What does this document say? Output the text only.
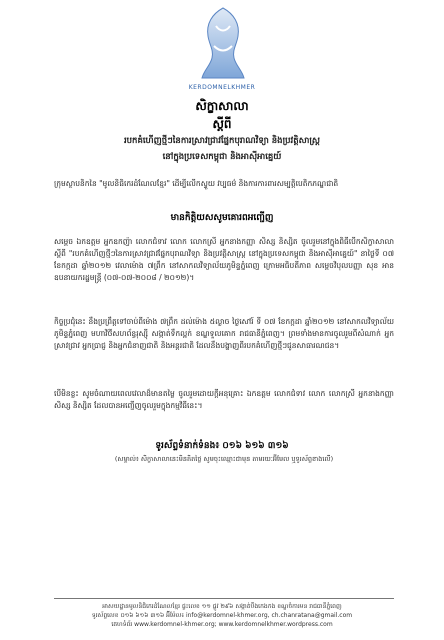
KERDOMNELKHMER
សិក្ខាសាលា
ស្ដីពី
របកគំហើញថ្មីៗនៃការស្រាវជ្រាវផ្នែកបុរាណវិទ្យា និងប្រវត្តិសាស្ត្រ
នៅក្នុងប្រទេសកម្ពុជា និងអាស៊ីអាគ្នេយ៍
ក្រុមស្ថាបនិកនៃ "មូលនិធិកេរដំណែលខ្មែរ" ដើម្បីលើកស្ទួយ វប្បធម៌ និងការការពារសម្បត្តិបេតិកភណ្ឌជាតិ
មានកិត្តិយសសូមគោរពអញ្ជើញ
សម្ដេច ឯកឧត្ដម អ្នកឧកញ៉ា លោកជំទាវ លោក លោកស្រី អ្នកនាងកញ្ញា សិស្ស និស្សិត ចូលរួមនៅក្នុងពិធីបើកសិក្ខាសាលាស្ដីពី "របកគំហើញថ្មីៗនៃការស្រាវជ្រាវផ្នែកបុរាណវិទ្យា និងប្រវត្តិសាស្ត្រ នៅក្នុងប្រទេសកម្ពុជា និងអាស៊ីអាគ្នេយ៍" នាថ្ងៃទី ០៧ ខែកក្កដា ឆ្នាំ២០១២ វេលាម៉ោង ៧ព្រឹក នៅសាកលវិទ្យាល័យភូមិន្ទភ្នំពេញ ក្រោមអធិបតីភាព សម្ដេចវិបុលបញ្ញា សុខ អាន ឧបនាយករដ្ឋមន្ត្រី (០៧-០៧-២០០៨ / ២០១២)។
កិច្ចប្រជុំនេះ នឹងប្រព្រឹត្តទៅចាប់ពីម៉ោង ៧ព្រឹក ដល់ម៉ោង ៥ល្ងាច ថ្ងៃសៅរ៍ ទី ០៧ ខែកក្កដា ឆ្នាំ២០១២ នៅសាកលវិទ្យាល័យភូមិន្ទភ្នំពេញ មហាវិថីសហព័ន្ធរុស្ស៊ី សង្កាត់ទឹកល្អក់ ខណ្ឌទួលគោក រាជធានីភ្នំពេញ។ ព្រមទាំងមានការចូលរួមពីសំណាក់ អ្នកស្រាវជ្រាវ អ្នកប្រាជ្ញ និងអ្នកជំនាញជាតិ និងអន្តរជាតិ ដែលនឹងបង្ហាញពីរបកគំហើញថ្មីៗជូនសាធារណជន។
បើមិនខ្លះ សូមចំណាយពេលវេលាដ៏មានតម្លៃ ចូលរួមដោយក្ដីអនុគ្រោះ ឯកឧត្ដម លោកជំទាវ លោក លោកស្រី អ្នកនាងកញ្ញា សិស្ស និស្សិត ដែលបានអញ្ជើញចូលរួមក្នុងកម្មវិធីនេះ។
ទូរស័ព្ទទំនាក់ទំនង៖ ០១៦ ៦១៦ ៣១៦
(សម្គាល់៖ សិក្ខាសាលានេះមិនគិតថ្លៃ សូមចុះឈ្មោះជាមុន តាមរយៈអ៊ីមែល ឬទូរស័ព្ទខាងលើ)
អាសយដ្ឋានមូលនិធិកេរដំណែលខ្មែរ ផ្ទះលេខ ១១ ផ្លូវ ២៩៦ សង្កាត់បឹងកេងកង ខណ្ឌចំការមន រាជធានីភ្នំពេញ
ទូរស័ព្ទលេខ ០១៦ ៦១៦ ៣១៦ អ៊ីម៉ែល៖ info@kerdomnel-khmer.org, ch.chanratana@gmail.com
គេហទំព័រ www.kerdomnel-khmer.org; www.kerdomnelkhmer.wordpress.com
